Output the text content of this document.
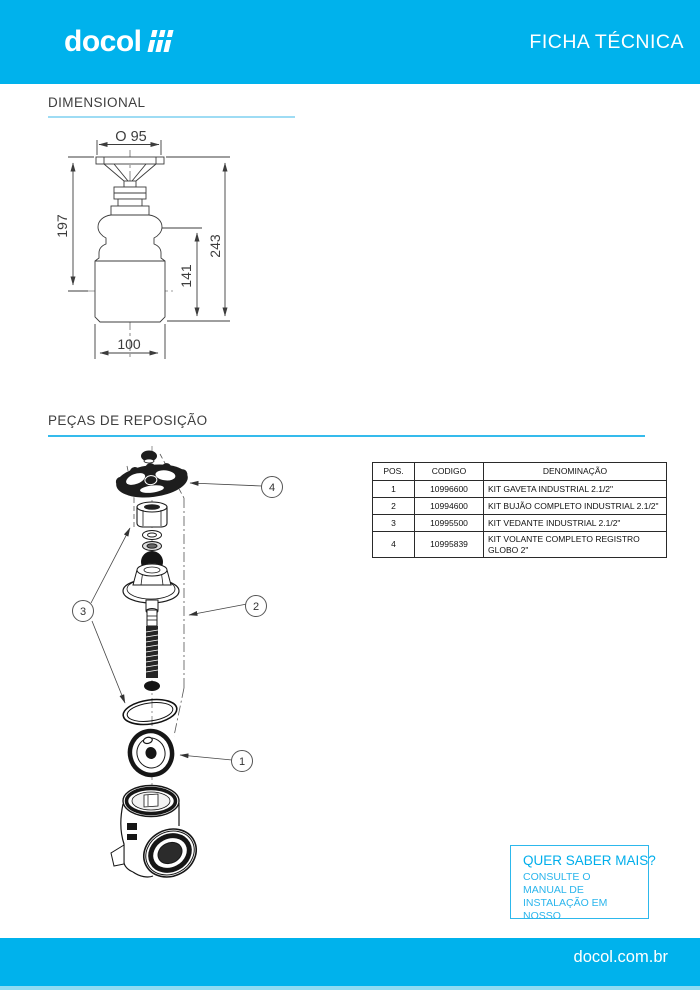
docol	FICHA TÉCNICA
DIMENSIONAL
O 95
197
243
141
100
PEÇAS DE REPOSIÇÃO
4
2
3
1
POS.	CODIGO	DENOMINAÇÃO
1	10996600	KIT GAVETA INDUSTRIAL 2.1/2"
2	10994600	KIT BUJÃO COMPLETO INDUSTRIAL 2.1/2"
3	10995500	KIT VEDANTE INDUSTRIAL 2.1/2"
4	10995839	KIT VOLANTE COMPLETO REGISTRO GLOBO 2"

QUER SABER MAIS?

CONSULTE O

MANUAL DE

INSTALAÇÃO EM

NOSSO

docol.com.br
